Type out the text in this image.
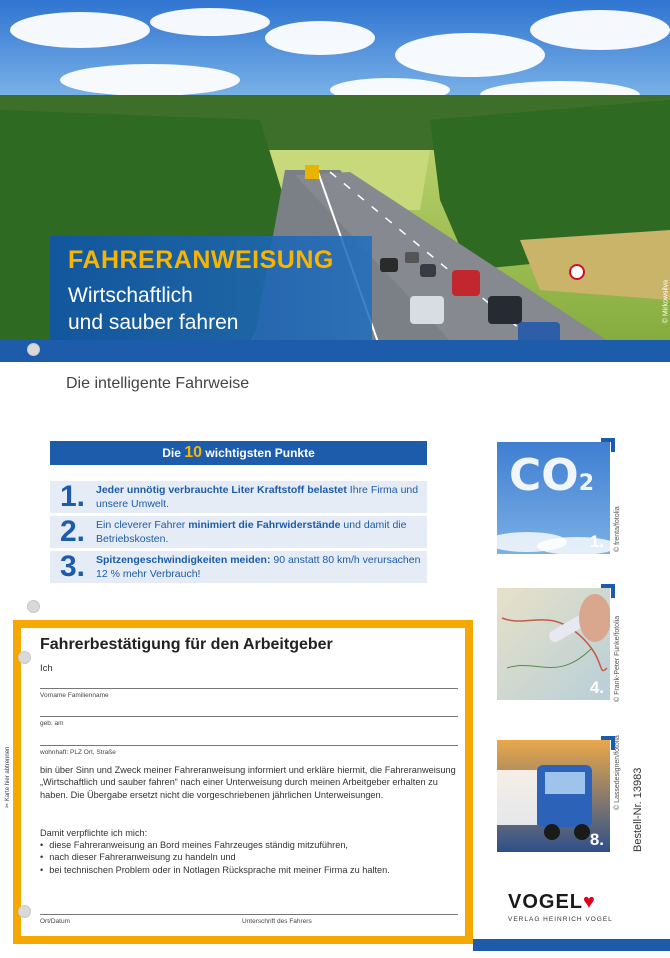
FAHRERANWEISUNG
Wirtschaftlich
und sauber fahren	© Mirkowsilva
Die intelligente Fahrweise
Die 10 wichtigsten Punkte
1. Jeder unnötig verbrauchte Liter Kraftstoff belastet Ihre Firma und unsere Umwelt.
2. Ein cleverer Fahrer minimiert die Fahrwiderstände und damit die Betriebskosten.
3. Spitzengeschwindigkeiten meiden: 90 anstatt 80 km/h verursachen 12 % mehr Verbrauch!
CO2
1. © frenta/fotolia
4. © Frank-Peter Funke/fotolia
8.
© Lassedesignen/fotolia Bestell-Nr. 13983
Fahrerbestätigung für den Arbeitgeber
Ich
Vorname Familienname
geb. am
wohnhaft: PLZ Ort, Straße
bin über Sinn und Zweck meiner Fahreranweisung informiert und erkläre hiermit, die Fahreranweisung „Wirtschaftlich und sauber fahren“ nach einer Unterweisung durch meinen Arbeitgeber erhalten zu haben. Die Übergabe ersetzt nicht die vorgeschriebenen jährlichen Unterweisungen.
Damit verpflichte ich mich:
• diese Fahreranweisung an Bord meines Fahrzeuges ständig mitzuführen,
• nach dieser Fahreranweisung zu handeln und
• bei technischen Problem oder in Notlagen Rücksprache mit meiner Firma zu halten.
Ort/Datum	Unterschrift des Fahrers
✂ Karte hier abtrennen
VOGEL♥
VERLAG HEINRICH VOGEL
